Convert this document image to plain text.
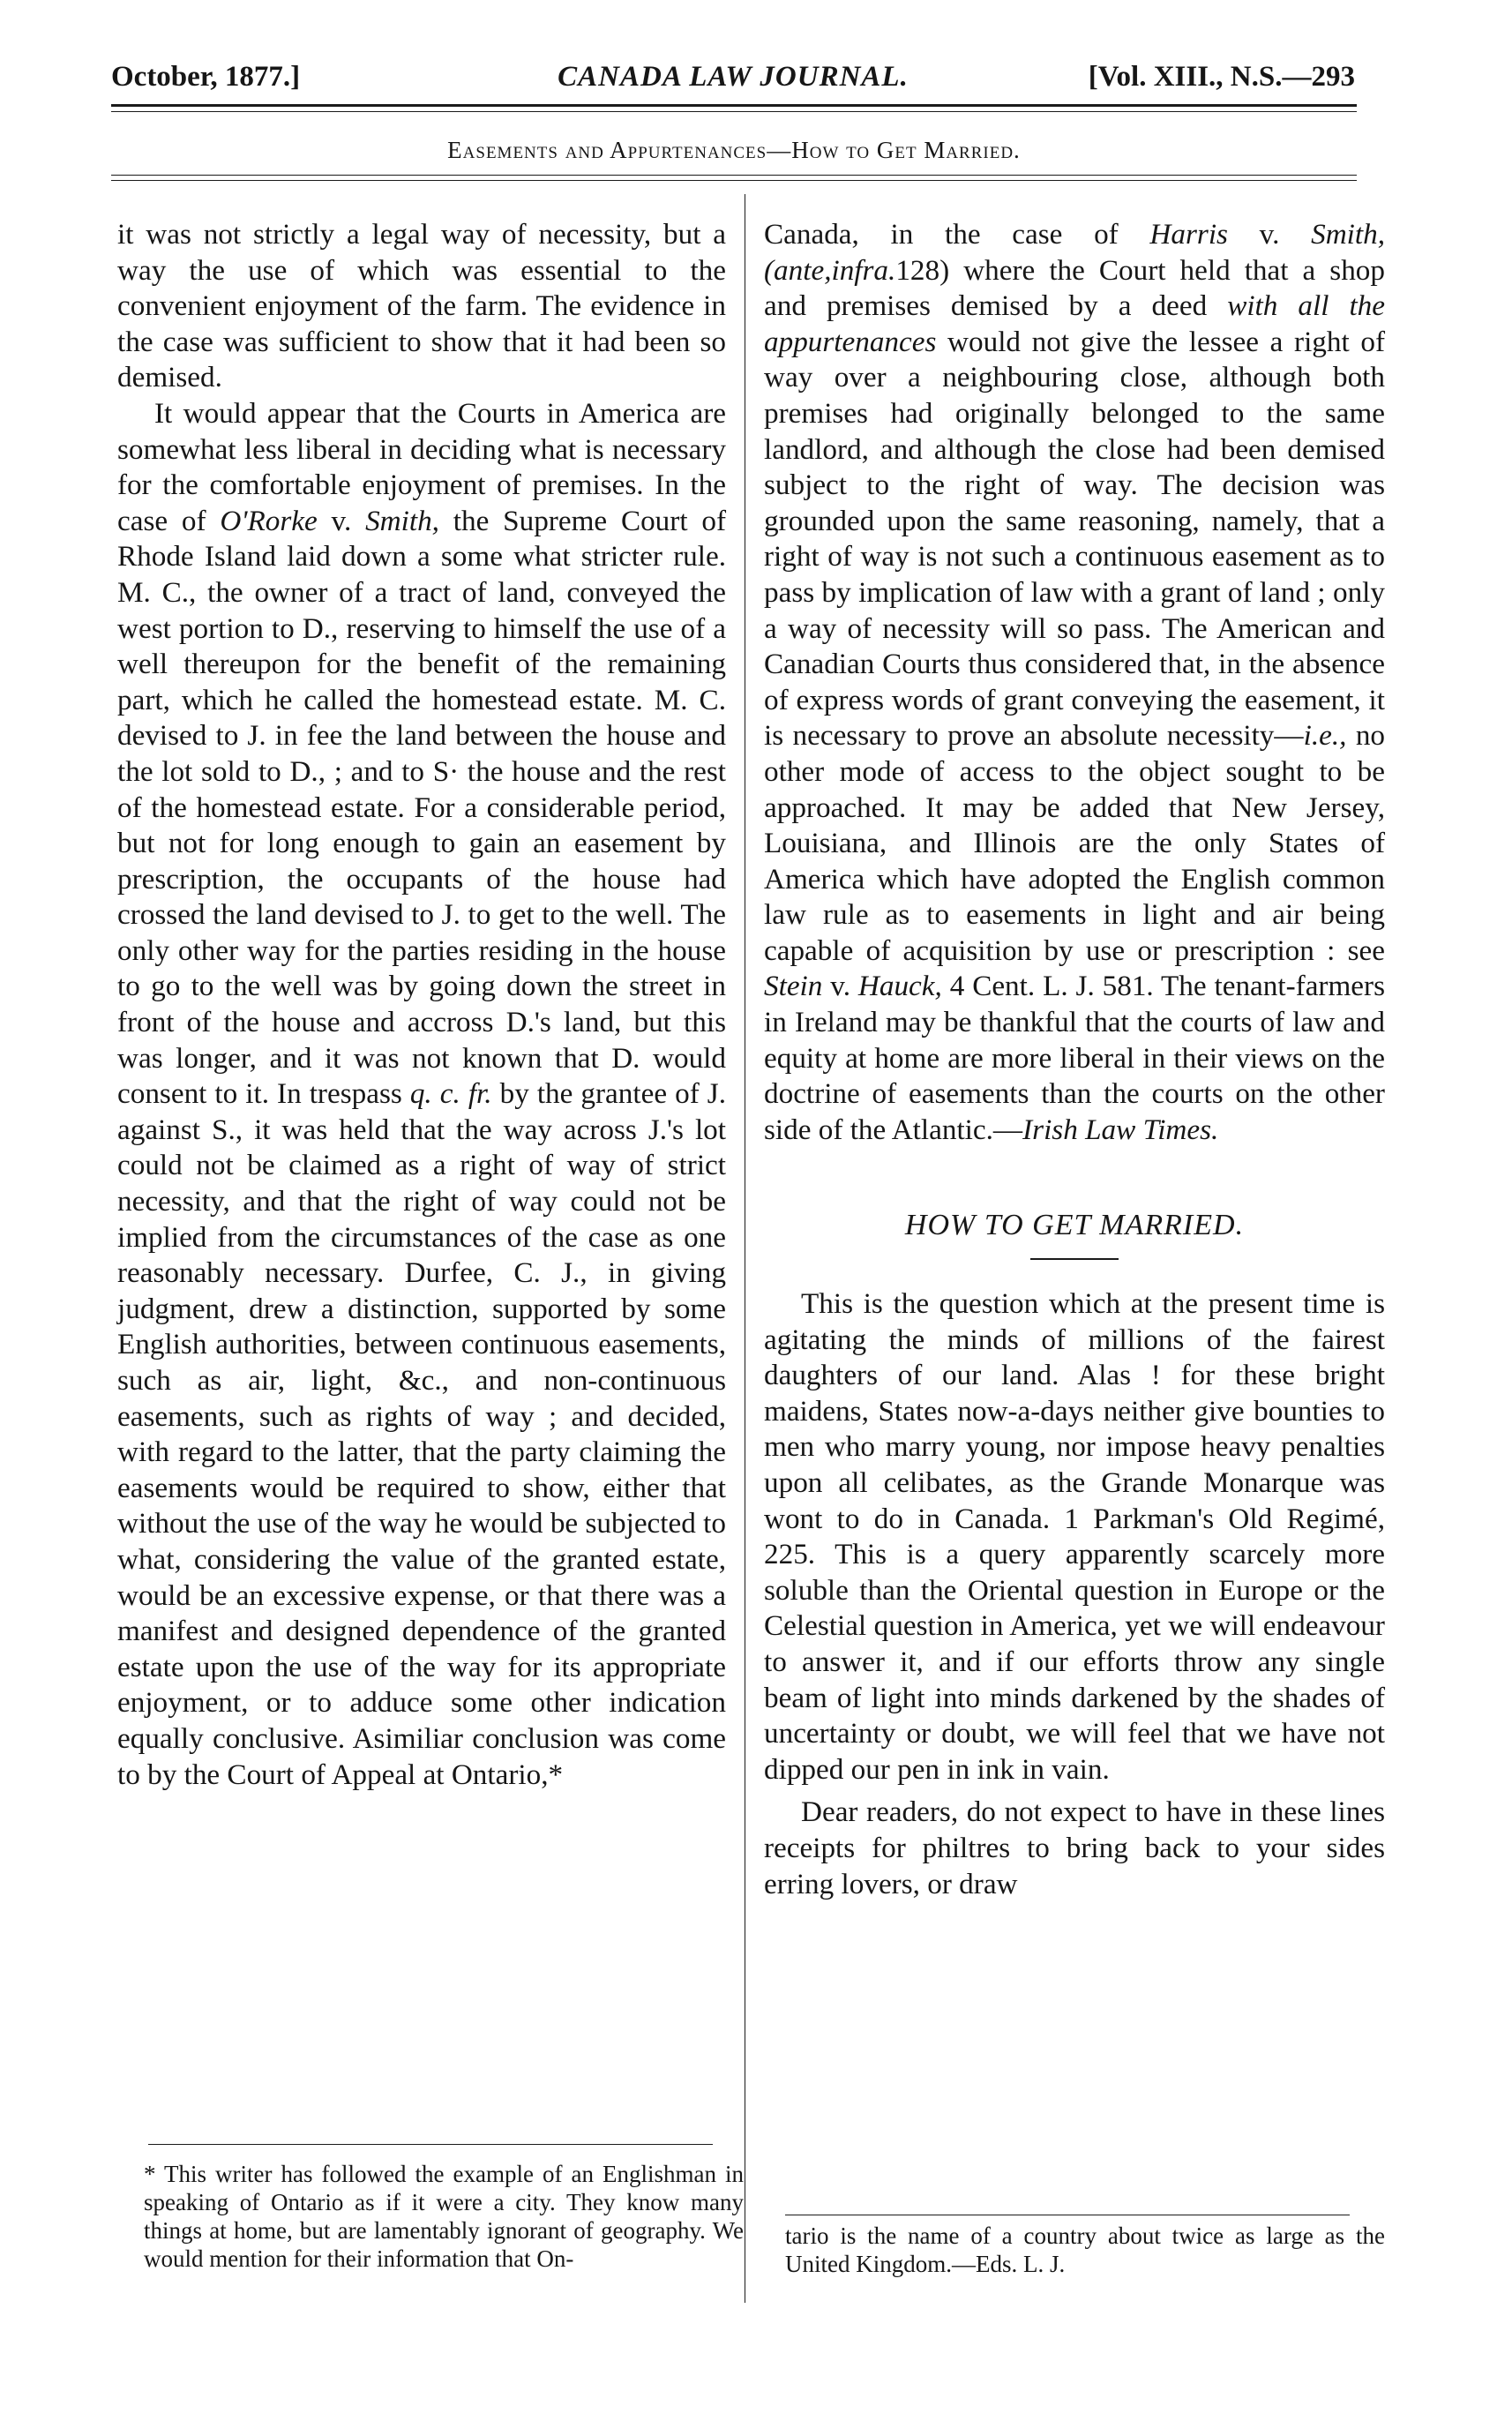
October, 1877.]	CANADA LAW JOURNAL.	[Vol. XIII., N.S.—293
Easements and Appurtenances—How to Get Married.

it was not strictly a legal way of necessity, but a way the use of which was essential to the convenient enjoyment of the farm. The evidence in the case was sufficient to show that it had been so demised.

It would appear that the Courts in America are somewhat less liberal in deciding what is necessary for the comfortable enjoyment of premises. In the case of O'Rorke v. Smith, the Supreme Court of Rhode Island laid down a some what stricter rule. M. C., the owner of a tract of land, conveyed the west portion to D., reserving to himself the use of a well thereupon for the benefit of the remaining part, which he called the homestead estate. M. C. devised to J. in fee the land between the house and the lot sold to D., ; and to S· the house and the rest of the homestead estate. For a considerable period, but not for long enough to gain an easement by prescription, the occupants of the house had crossed the land devised to J. to get to the well. The only other way for the parties residing in the house to go to the well was by going down the street in front of the house and accross D.'s land, but this was longer, and it was not known that D. would consent to it. In trespass q. c. fr. by the grantee of J. against S., it was held that the way across J.'s lot could not be claimed as a right of way of strict necessity, and that the right of way could not be implied from the circumstances of the case as one reasonably necessary. Durfee, C. J., in giving judgment, drew a distinction, supported by some English authorities, between continuous easements, such as air, light, &c., and non-continuous easements, such as rights of way ; and decided, with regard to the latter, that the party claiming the easements would be required to show, either that without the use of the way he would be subjected to what, considering the value of the granted estate, would be an excessive expense, or that there was a manifest and designed dependence of the granted estate upon the use of the way for its appropriate enjoyment, or to adduce some other indication equally conclusive. Asimiliar conclusion was come to by the Court of Appeal at Ontario,*

* This writer has followed the example of an Englishman in speaking of Ontario as if it were a city. They know many things at home, but are lamentably ignorant of geography. We would mention for their information that On-

Canada, in the case of Harris v. Smith, (ante,infra.128) where the Court held that a shop and premises demised by a deed with all the appurtenances would not give the lessee a right of way over a neighbouring close, although both premises had originally belonged to the same landlord, and although the close had been demised subject to the right of way. The decision was grounded upon the same reasoning, namely, that a right of way is not such a continuous easement as to pass by implication of law with a grant of land ; only a way of necessity will so pass. The American and Canadian Courts thus considered that, in the absence of express words of grant conveying the easement, it is necessary to prove an absolute necessity—i.e., no other mode of access to the object sought to be approached. It may be added that New Jersey, Louisiana, and Illinois are the only States of America which have adopted the English common law rule as to easements in light and air being capable of acquisition by use or prescription : see Stein v. Hauck, 4 Cent. L. J. 581. The tenant-farmers in Ireland may be thankful that the courts of law and equity at home are more liberal in their views on the doctrine of easements than the courts on the other side of the Atlantic.—Irish Law Times.

HOW TO GET MARRIED.

This is the question which at the present time is agitating the minds of millions of the fairest daughters of our land. Alas ! for these bright maidens, States now-a-days neither give bounties to men who marry young, nor impose heavy penalties upon all celibates, as the Grande Monarque was wont to do in Canada. 1 Parkman's Old Regimé, 225. This is a query apparently scarcely more soluble than the Oriental question in Europe or the Celestial question in America, yet we will endeavour to answer it, and if our efforts throw any single beam of light into minds darkened by the shades of uncertainty or doubt, we will feel that we have not dipped our pen in ink in vain.

Dear readers, do not expect to have in these lines receipts for philtres to bring back to your sides erring lovers, or draw

tario is the name of a country about twice as large as the United Kingdom.—Eds. L. J.
